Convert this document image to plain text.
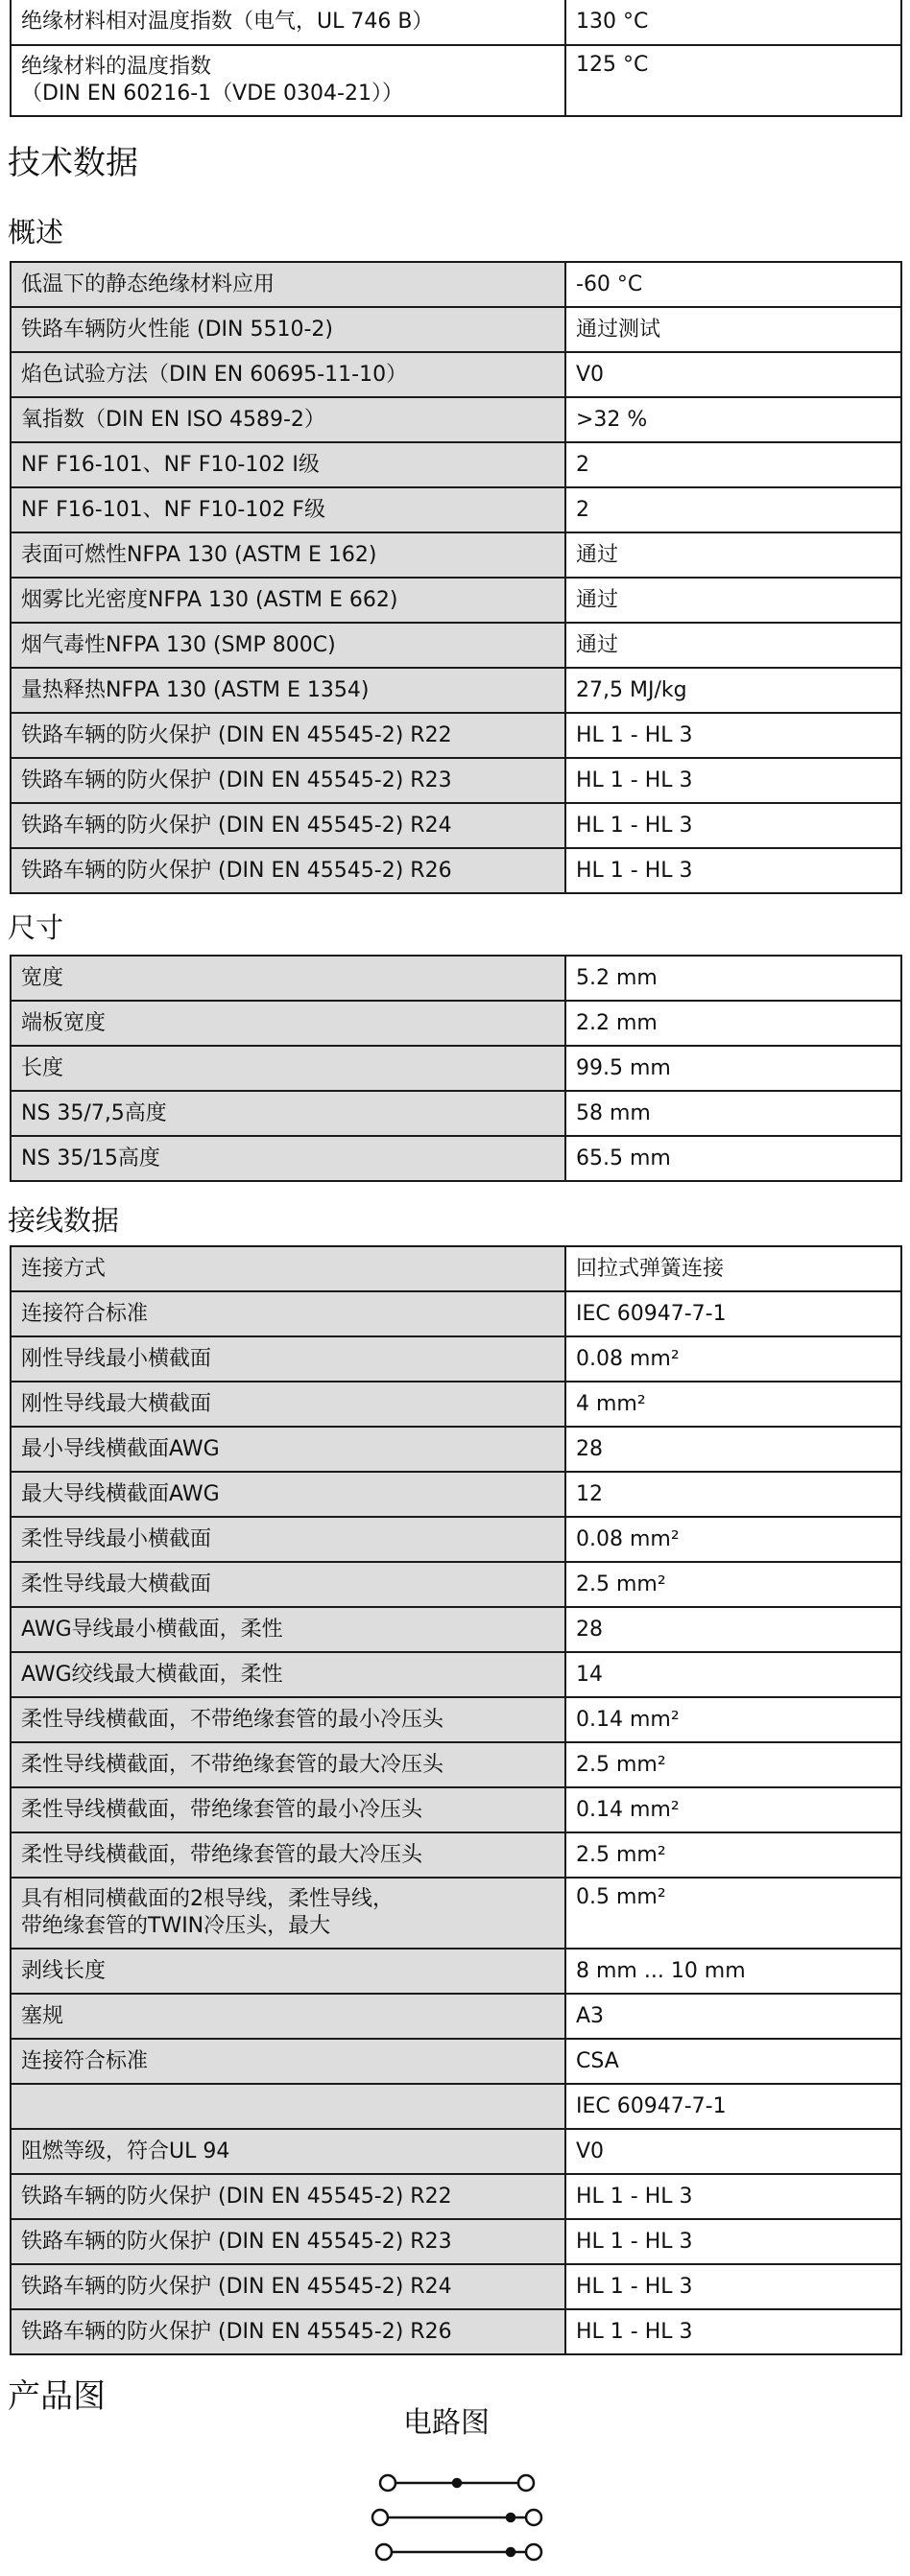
绝缘材料相对温度指数（电气，UL 746 B）	130 °C

绝缘材料的温度指数
（DIN EN 60216-1（VDE 0304-21））	125 °C
技术数据
概述
低温下的静态绝缘材料应用	-60 °C
铁路车辆防火性能 (DIN 5510-2)	通过测试
焰色试验方法（DIN EN 60695-11-10）	V0
氧指数（DIN EN ISO 4589-2）	>32 %
NF F16-101、NF F10-102 I级	2
NF F16-101、NF F10-102 F级	2
表面可燃性NFPA 130 (ASTM E 162)	通过
烟雾比光密度NFPA 130 (ASTM E 662)	通过
烟气毒性NFPA 130 (SMP 800C)	通过
量热释热NFPA 130 (ASTM E 1354)	27,5 MJ/kg
铁路车辆的防火保护 (DIN EN 45545-2) R22	HL 1 - HL 3
铁路车辆的防火保护 (DIN EN 45545-2) R23	HL 1 - HL 3
铁路车辆的防火保护 (DIN EN 45545-2) R24	HL 1 - HL 3
铁路车辆的防火保护 (DIN EN 45545-2) R26	HL 1 - HL 3
尺寸
宽度	5.2 mm
端板宽度	2.2 mm
长度	99.5 mm
NS 35/7,5高度	58 mm
NS 35/15高度	65.5 mm
接线数据
连接方式	回拉式弹簧连接
连接符合标准	IEC 60947-7-1
刚性导线最小横截面	0.08 mm²
刚性导线最大横截面	4 mm²
最小导线横截面AWG	28
最大导线横截面AWG	12
柔性导线最小横截面	0.08 mm²
柔性导线最大横截面	2.5 mm²
AWG导线最小横截面，柔性	28
AWG绞线最大横截面，柔性	14
柔性导线横截面，不带绝缘套管的最小冷压头	0.14 mm²
柔性导线横截面，不带绝缘套管的最大冷压头	2.5 mm²
柔性导线横截面，带绝缘套管的最小冷压头	0.14 mm²
柔性导线横截面，带绝缘套管的最大冷压头	2.5 mm²

具有相同横截面的2根导线，柔性导线，
带绝缘套管的TWIN冷压头，最大	0.5 mm²
剥线长度	8 mm ... 10 mm
塞规	A3
连接符合标准	CSA
	IEC 60947-7-1
阻燃等级，符合UL 94	V0
铁路车辆的防火保护 (DIN EN 45545-2) R22	HL 1 - HL 3
铁路车辆的防火保护 (DIN EN 45545-2) R23	HL 1 - HL 3
铁路车辆的防火保护 (DIN EN 45545-2) R24	HL 1 - HL 3
铁路车辆的防火保护 (DIN EN 45545-2) R26	HL 1 - HL 3
产品图
电路图
